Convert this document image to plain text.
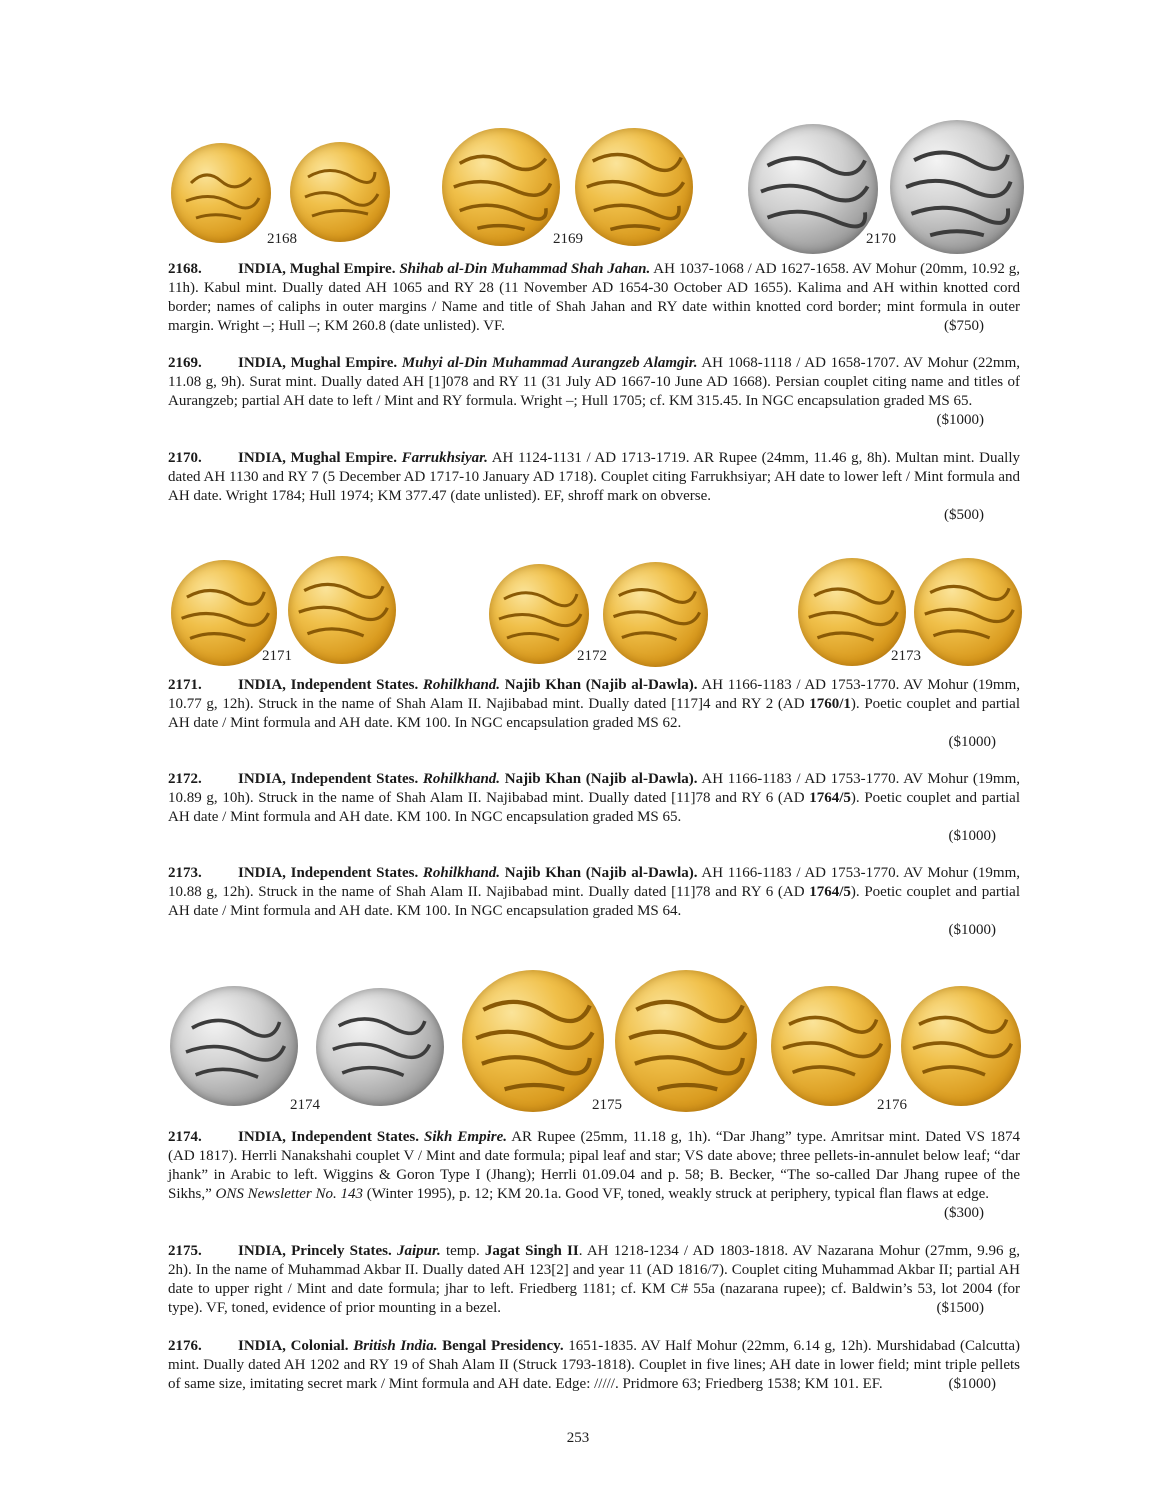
2168	2169	2170
2168. INDIA, Mughal Empire. Shihab al-Din Muhammad Shah Jahan. AH 1037-1068 / AD 1627-1658. AV Mohur (20mm, 10.92 g, 11h). Kabul mint. Dually dated AH 1065 and RY 28 (11 November AD 1654-30 October AD 1655). Kalima and AH within knotted cord border; names of caliphs in outer margins / Name and title of Shah Jahan and RY date within knotted cord border; mint formula in outer margin. Wright –; Hull –; KM 260.8 (date unlisted). VF.	($750)
2169. INDIA, Mughal Empire. Muhyi al-Din Muhammad Aurangzeb Alamgir. AH 1068-1118 / AD 1658-1707. AV Mohur (22mm, 11.08 g, 9h). Surat mint. Dually dated AH [1]078 and RY 11 (31 July AD 1667-10 June AD 1668). Persian couplet citing name and titles of Aurangzeb; partial AH date to left / Mint and RY formula. Wright –; Hull 1705; cf. KM 315.45. In NGC encapsulation graded MS 65.
($1000)
2170. INDIA, Mughal Empire. Farrukhsiyar. AH 1124-1131 / AD 1713-1719. AR Rupee (24mm, 11.46 g, 8h). Multan mint. Dually dated AH 1130 and RY 7 (5 December AD 1717-10 January AD 1718). Couplet citing Farrukhsiyar; AH date to lower left / Mint formula and AH date. Wright 1784; Hull 1974; KM 377.47 (date unlisted). EF, shroff mark on obverse.
($500)
2171	2172	2173
2171. INDIA, Independent States. Rohilkhand. Najib Khan (Najib al-Dawla). AH 1166-1183 / AD 1753-1770. AV Mohur (19mm, 10.77 g, 12h). Struck in the name of Shah Alam II. Najibabad mint. Dually dated [117]4 and RY 2 (AD 1760/1). Poetic couplet and partial AH date / Mint formula and AH date. KM 100. In NGC encapsulation graded MS 62.
($1000)
2172. INDIA, Independent States. Rohilkhand. Najib Khan (Najib al-Dawla). AH 1166-1183 / AD 1753-1770. AV Mohur (19mm, 10.89 g, 10h). Struck in the name of Shah Alam II. Najibabad mint. Dually dated [11]78 and RY 6 (AD 1764/5). Poetic couplet and partial AH date / Mint formula and AH date. KM 100. In NGC encapsulation graded MS 65.
($1000)
2173. INDIA, Independent States. Rohilkhand. Najib Khan (Najib al-Dawla). AH 1166-1183 / AD 1753-1770. AV Mohur (19mm, 10.88 g, 12h). Struck in the name of Shah Alam II. Najibabad mint. Dually dated [11]78 and RY 6 (AD 1764/5). Poetic couplet and partial AH date / Mint formula and AH date. KM 100. In NGC encapsulation graded MS 64.
($1000)
2174	2175	2176
2174. INDIA, Independent States. Sikh Empire. AR Rupee (25mm, 11.18 g, 1h). “Dar Jhang” type. Amritsar mint. Dated VS 1874 (AD 1817). Herrli Nanakshahi couplet V / Mint and date formula; pipal leaf and star; VS date above; three pellets-in-annulet below leaf; “dar jhank” in Arabic to left. Wiggins & Goron Type I (Jhang); Herrli 01.09.04 and p. 58; B. Becker, “The so-called Dar Jhang rupee of the Sikhs,” ONS Newsletter No. 143 (Winter 1995), p. 12; KM 20.1a. Good VF, toned, weakly struck at periphery, typical flan flaws at edge.
($300)
2175. INDIA, Princely States. Jaipur. temp. Jagat Singh II. AH 1218-1234 / AD 1803-1818. AV Nazarana Mohur (27mm, 9.96 g, 2h). In the name of Muhammad Akbar II. Dually dated AH 123[2] and year 11 (AD 1816/7). Couplet citing Muhammad Akbar II; partial AH date to upper right / Mint and date formula; jhar to left. Friedberg 1181; cf. KM C# 55a (nazarana rupee); cf. Baldwin’s 53, lot 2004 (for type). VF, toned, evidence of prior mounting in a bezel.	($1500)
2176. INDIA, Colonial. British India. Bengal Presidency. 1651-1835. AV Half Mohur (22mm, 6.14 g, 12h). Murshidabad (Calcutta) mint. Dually dated AH 1202 and RY 19 of Shah Alam II (Struck 1793-1818). Couplet in five lines; AH date in lower field; mint triple pellets of same size, imitating secret mark / Mint formula and AH date. Edge: /////. Pridmore 63; Friedberg 1538; KM 101. EF.	($1000)
253
